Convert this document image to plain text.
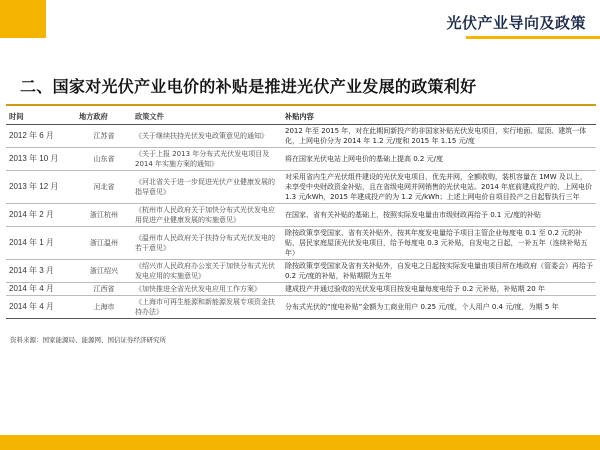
光伏产业导向及政策
二、国家对光伏产业电价的补贴是推进光伏产业发展的政策利好
时间	地方政府	政策文件	补贴内容
2012 年 6 月	江苏省	《关于继续扶持光伏发电政策意见的通知》	2012 年至 2015 年，对在此期间新投产的非国家补贴光伏发电项目，实行地面、屋顶、建筑一体化，上网电价分为 2014 年 1.2 元/度和 2015 年 1.15 元/度
2013 年 10 月	山东省	《关于上报 2013 年分布式光伏发电项目及 2014 年实施方案的通知》	将在国家光伏电站上网电价的基础上提高 0.2 元/度
2013 年 12 月	河北省	《河北省关于进一步促进光伏产业健康发展的指导意见》	对采用省内生产光伏组件建设的光伏发电项目，优先并网，全额收购，装机容量在 1MW 及以上，未享受中央财政资金补贴，且在省级电网并网销售的光伏电站。2014 年底前建成投产的，上网电价 1.3 元/kWh，2015 年建成投产的为 1.2 元/kWh；上述上网电价自项目投产之日起暂执行三年
2014 年 2 月	浙江杭州	《杭州市人民政府关于加快分布式光伏发电应用促进产业健康发展的实施意见》	在国家、省有关补贴的基础上，按照实际发电量由市级财政再给予 0.1 元/度的补贴
2014 年 1 月	浙江温州	《温州市人民政府关于扶持分布式光伏发电的若干意见》	除按政策享受国家、省有关补贴外，按其年度发电量给予项目主管企业每度电 0.1 至 0.2 元的补贴，居民家庭屋顶光伏发电项目，给予每度电 0.3 元补贴，自发电之日起，一补五年（连续补贴五年）
2014 年 3 月	浙江绍兴	《绍兴市人民政府办公室关于加快分布式光伏发电应用的实施意见》	除按政策享受国家及省有关补贴外，自发电之日起按实际发电量由项目所在地政府（管委会）再给予 0.2 元/度的补贴，补贴期限为五年
2014 年 4 月	江西省	《加快推进全省光伏发电应用工作方案》	建成投产并通过验收的光伏发电项目按发电量每度电给予 0.2 元补贴，补贴期 20 年
2014 年 4 月	上海市	《上海市可再生能源和新能源发展专项资金扶持办法》	分布式光伏的“度电补贴”金额为工商业用户 0.25 元/度，个人用户 0.4 元/度，为期 5 年
资料来源：国家能源局、能源网、国信证券经济研究所
